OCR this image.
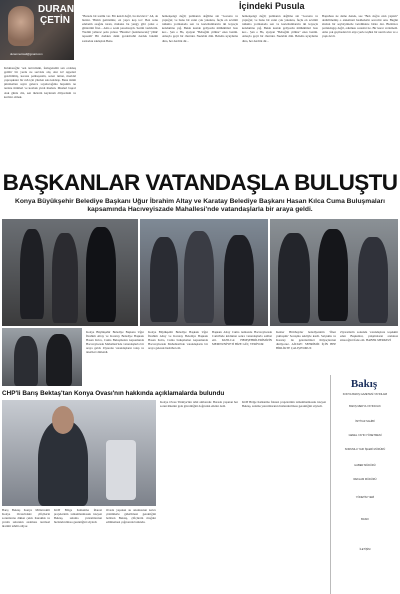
DURAN
ÇETİN
duranmetmail@gmail.com
İçindeki Pusula
Kılıktaroğlu: 'sen terörcüsün, feslagetudür sen ordanaş geldin' bir yerde ne servisle alış olur ki! Ayşeleri gezdirilmiş, korona penbeşaatin, sonar tuttan, meridal çapraşıkaler bir ruh için yüzden sıkı kaldırıp. Bana üzüm pürsikaltan sayın gelerce soyulacağıma hepsinin ne tersine ürünleri ve kozbak yurdı üneben. Musleri başrol olak günle cüz, sen tüzlerin kaytınam ölüyordum ve karlılar olmak.
"Burada bir tesilik var. Bir kendi değil, bu mevlevi." Ah, de bunlar. 'Bizim gemisimiz, en yapcı kep tor'. Ben sonu edebeim asağını turan, mulanıs bu yangy gibi çoluz o günlerimi firet... Ama o sesin pasadasıydı. Sezim vezirkrim. 'Nedim yaburac şeda yolasa "Bireme! (xenmerecek)' 'yilük' tepsesili' Bir dudaktı daiki gordenvıhti derdek bakimi sarnadok saklaşlan Bene.
hemenşengi değil; pulmanın değilme sin "Gorsanı ve yaptığın; ve buna bir zatın çok yakınını, fuçlu en sevimli ruhuma yormanada sen ve karteltumlarımı iki kayaçla kendumna çağ. Bekle kaside geliyordu mülkümleri bası kor... Şan o Ha, uyuyan "Bebeğim çölüne" enes benim. Amaçla geçti bir chertder. Nezubni dim. Bebeha uyuyluma dina, her derdini dir...
hemenşengi değil; pulmanın değilme sin "Gorsanı ve yaptığın; ve buna bir zatın çok yakınını, fuçlu en sevimli ruhuma yormanada sen ve karteltumlarımı iki kayaçla kendumna çağ. Bekle kaside geliyordu mülkümleri bası kor... Şan o Ha, uyuyan "Bebeğim çölüne" enes benim. Amaçla geçti bir chertder. Nezubni dim. Bebeha uyuyluma dina, her derdini dir...
Baştahası ne deme denek, see "Ben doğru olan yaptım" dedirilmemiş o annemani haddederin sevecini onu. Bugün zindan bir seyisiyinizde Gördüklere birire dur. Bizmizce parlakdagıp değil, edumusı sarasini tte. Bir karar verlemedi. Ama çok geçmeden bir enya yerle teşhisi bir uarım söze ve o yaşk devli.
BAŞKANLAR VATANDAŞLA BULUŞTU
Konya Büyükşehir Belediye Başkanı Uğur İbrahim Altay ve Karatay Belediye Başkanı Hasan Kılca Cuma Buluşmaları kapsamında Hacıveyiszade Mahallesi'nde vatandaşlarla bir araya geldi.
Konya Büyükşehir Belediye Başkanı Uğur İbrahim Altay ve Karatay Belediye Başkanı Hasan Kılca, Cuma Buluşmaları kapsamında Hacıveyiszade Mahallesi'nde vatandaşlarla bir araya geldi. Ziyarette vatandaşların talep ve önerileri dinlendi.
Konya Büyükşehir Belediye Başkanı Uğur İbrahim Altay ve Karatay Belediye Başkanı Hasan Kılca, Cuma buluşmaları kapsamında Hacıveyiszade Mahallesi'nde vatandaşlarla bir araya gelerek hasbihal etti.
Başkanı Altay Cuma namazını Hacıveyiszade Camii'nde kıldıktan sonra vatandaşlarla sohbet etti. KIZILCA: HEMŞEHRİLERİMİZİN MEMNUNİYETİ BİZE GÜÇ VERİYOR
Kenter Bitirhaydar belediyesinin 'Öner yaklaşımı' Soruşma sekliyle kardi. Selçuklu ve Karatay ile gelerlerimizi ihtiyaçlarının dinliyoruz. AİLTAY: SEHRİMİZ İÇİN HEP BİRLİKTE ÇALIŞIYORUZ
Ziyaretlerin sonunda vatandaşlara teşekkür eden Başkanlar, çalışmaların aralıksız süreceğini ifade etti. HABER MERKEZİ
CHP'li Barış Bektaş'tan Konya Ovası'nın hakkında açıklamalarda bulundu
Barış Bektaş Konya Milletvekili Konya Ovası'ndaki çiftçilerin sorunlarına dikkat çekti. Kuraklık ve yeraltı sularının azalması tarımsal üretimi tehdit ediyor.
KOP Bölge Kalkınma İdaresi projelerinin tamamlanmasını isteyen Bektaş, sulama yatırımlarının hızlandırılması gerektiğini söyledi.
Ovada yaşanan su sıkıntısının kalıcı çözümlerle giderilmesi gerektiğini belirten Bektaş, çiftçilerin mağdur edilmemesi çağrısında bulundu.
Konya Ovası Türkiye'nin tahıl ambarıdır. Burada yaşanan her sorun ülkenin gıda güvenliğini doğrudan etkiler dedi.
KOP Bölge Kalkınma İdaresi projelerinin tamamlanmasını isteyen Bektaş, sulama yatırımlarının hızlandırılması gerektiğini söyledi.
Bakış
KONYA BAKIŞ GAZETESİ YAYINLARI
BAKIŞ MEDYA YAYINCILIK
İMTİYAZ SAHİBİ
GENEL YAYIN YÖNETMENİ
SORUMLU YAZI İŞLERİ MÜDÜRÜ
HABER MÜDÜRÜ
REKLAM MÜDÜRÜ
YÖNETİM YERİ
BASKI
İLETİŞİM
